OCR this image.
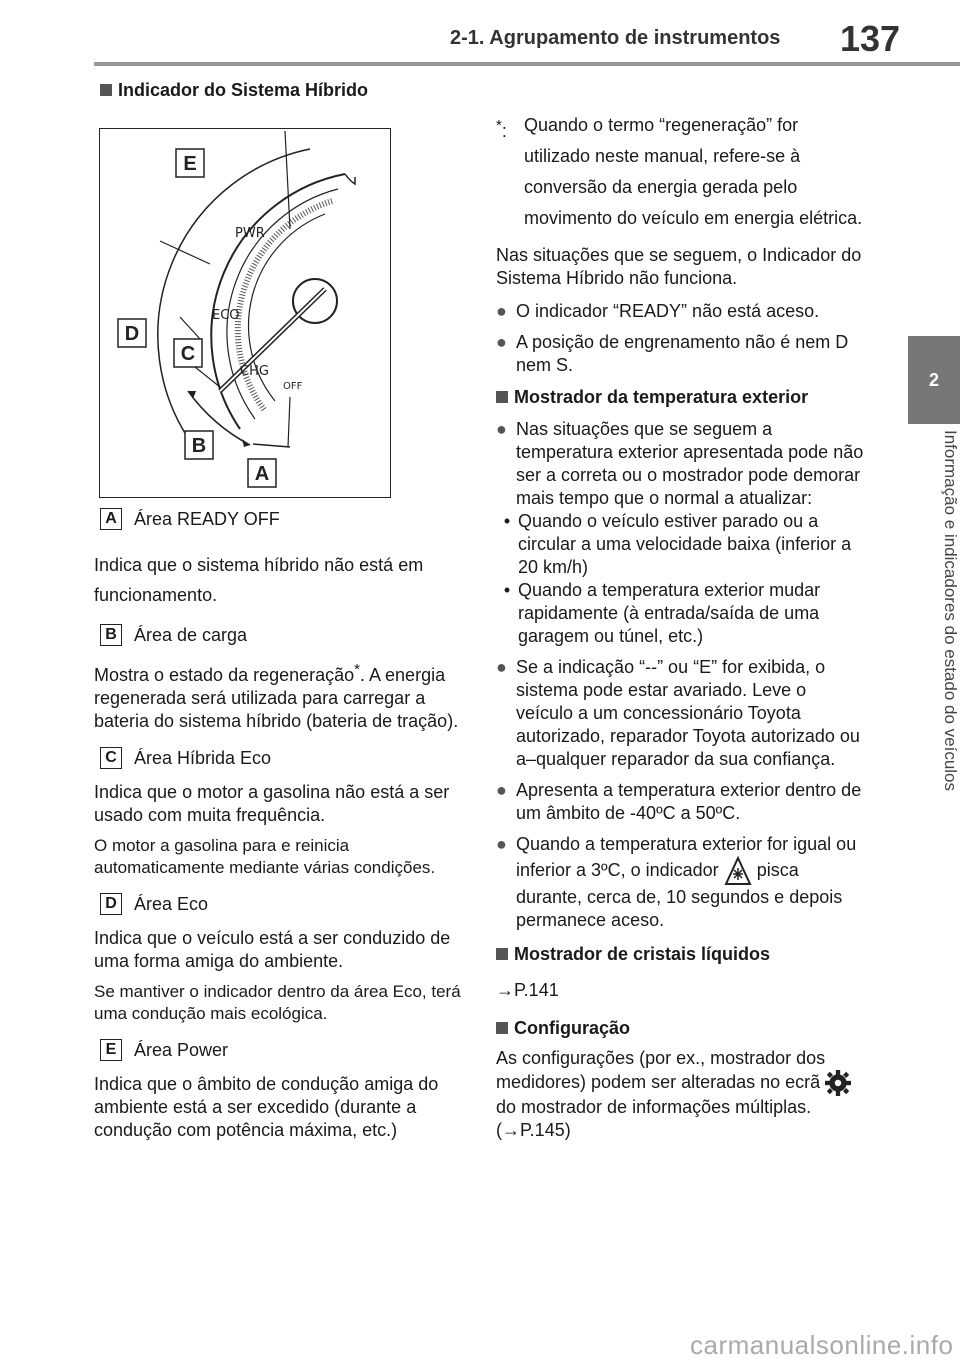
2-1. Agrupamento de instrumentos 137
2
Informação e indicadores do estado do veículos

Indicador do Sistema Híbrido

PWR
ECO
CHG
OFF
E
D
C
B
A
A Área READY OFF

Indica que o sistema híbrido não está em funcionamento.

B Área de carga

Mostra o estado da regeneração*. A energia regenerada será utilizada para carregar a bateria do sistema híbrido (bateria de tração).

C Área Híbrida Eco

Indica que o motor a gasolina não está a ser usado com muita frequência.

O motor a gasolina para e reinicia automaticamente mediante várias condições.

D Área Eco

Indica que o veículo está a ser conduzido de uma forma amiga do ambiente.

Se mantiver o indicador dentro da área Eco, terá uma condução mais ecológica.

E Área Power

Indica que o âmbito de condução amiga do ambiente está a ser excedido (durante a condução com potência máxima, etc.)

*: Quando o termo “regeneração” for utilizado neste manual, refere-se à conversão da energia gerada pelo movimento do veículo em energia elétrica.

Nas situações que se seguem, o Indicador do Sistema Híbrido não funciona.

● O indicador “READY” não está aceso.

● A posição de engrenamento não é nem D nem S.

Mostrador da temperatura exterior

● Nas situações que se seguem a temperatura exterior apresentada pode não ser a correta ou o mostrador pode demorar mais tempo que o normal a atualizar:

• Quando o veículo estiver parado ou a circular a uma velocidade baixa (inferior a 20 km/h)
• Quando a temperatura exterior mudar rapidamente (à entrada/saída de uma garagem ou túnel, etc.)

● Se a indicação “--” ou “E” for exibida, o sistema pode estar avariado. Leve o veículo a um concessionário Toyota autorizado, reparador Toyota autorizado ou a–qualquer reparador da sua confiança.

● Apresenta a temperatura exterior dentro de um âmbito de -40ºC a 50ºC.

● Quando a temperatura exterior for igual ou inferior a 3ºC, o indicador pisca durante, cerca de, 10 segundos e depois permanece aceso.

Mostrador de cristais líquidos

→P.141

Configuração

As configurações (por ex., mostrador dos medidores) podem ser alteradas no ecrã  do mostrador de informações múltiplas. (→P.145)

carmanualsonline.info
